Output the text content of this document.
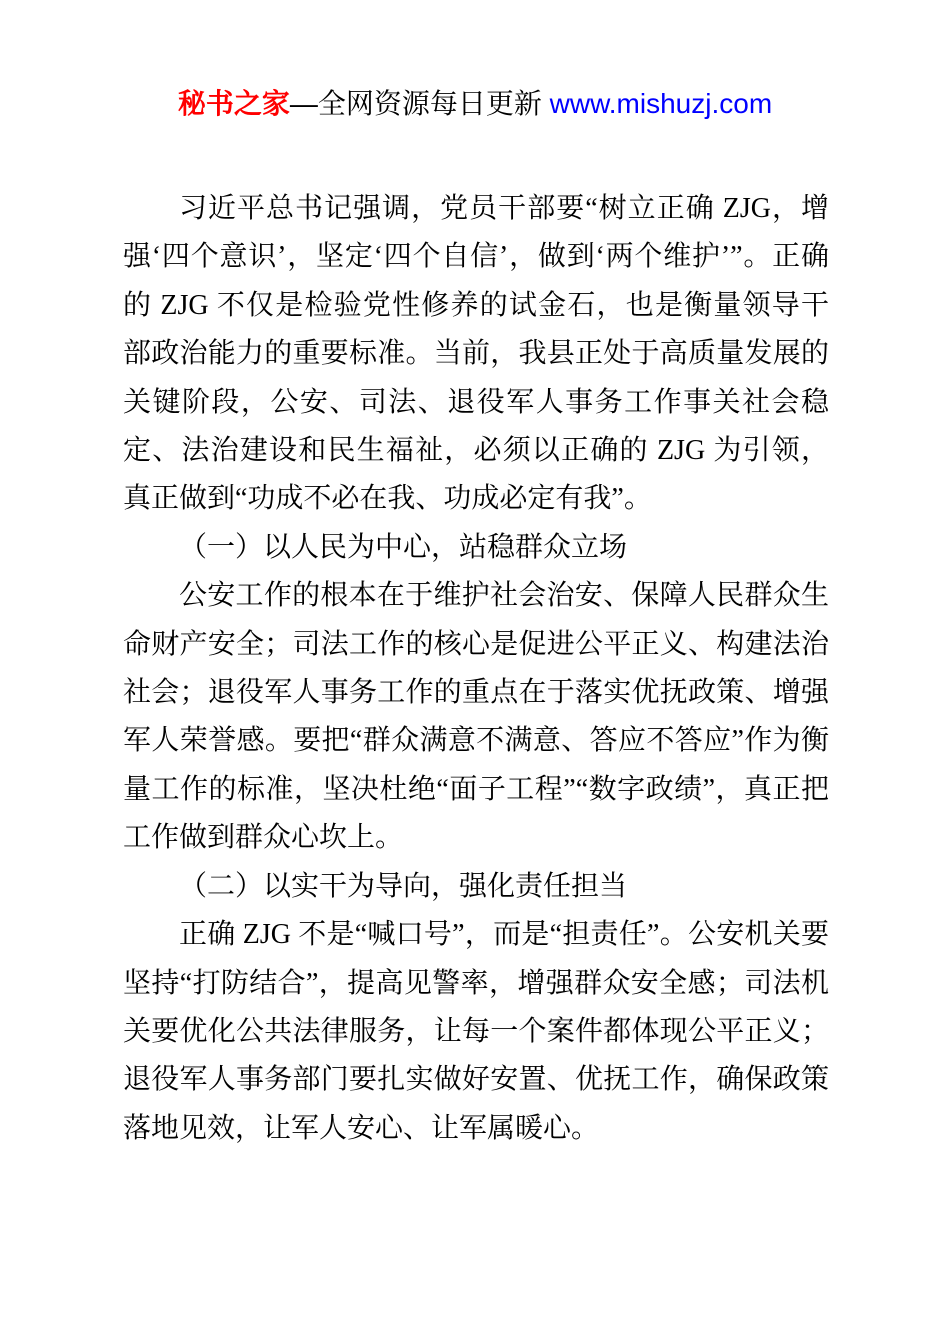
秘书之家—全网资源每日更新 www.mishuzj.com

习近平总书记强调，党员干部要“树立正确 ZJG，增强‘四个意识’，坚定‘四个自信’，做到‘两个维护’”。正确的 ZJG 不仅是检验党性修养的试金石，也是衡量领导干部政治能力的重要标准。当前，我县正处于高质量发展的关键阶段，公安、司法、退役军人事务工作事关社会稳定、法治建设和民生福祉，必须以正确的 ZJG 为引领，真正做到“功成不必在我、功成必定有我”。

（一）以人民为中心，站稳群众立场

公安工作的根本在于维护社会治安、保障人民群众生命财产安全；司法工作的核心是促进公平正义、构建法治社会；退役军人事务工作的重点在于落实优抚政策、增强军人荣誉感。要把“群众满意不满意、答应不答应”作为衡量工作的标准，坚决杜绝“面子工程”“数字政绩”，真正把工作做到群众心坎上。

（二）以实干为导向，强化责任担当

正确 ZJG 不是“喊口号”，而是“担责任”。公安机关要坚持“打防结合”，提高见警率，增强群众安全感；司法机关要优化公共法律服务，让每一个案件都体现公平正义；退役军人事务部门要扎实做好安置、优抚工作，确保政策落地见效，让军人安心、让军属暖心。
